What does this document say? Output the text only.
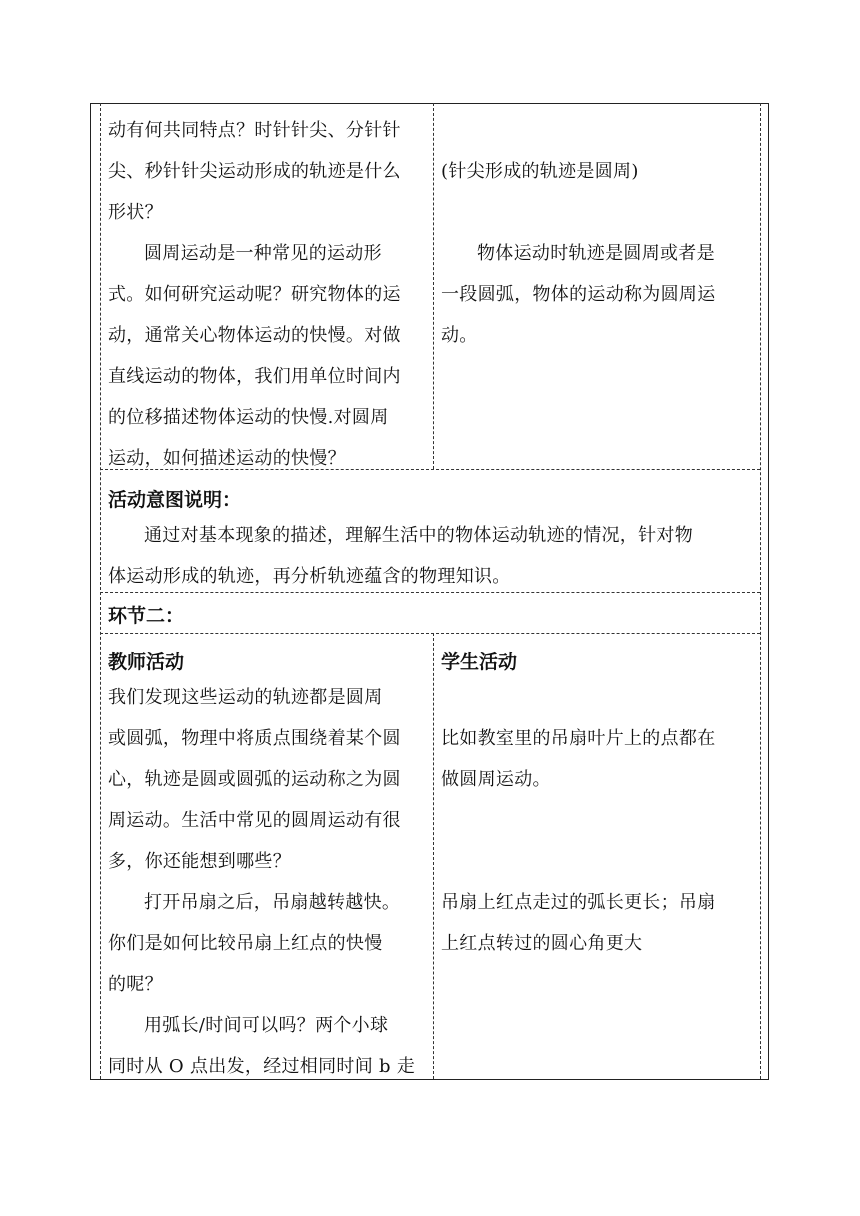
动有何共同特点？时针针尖、分针针

尖、秒针针尖运动形成的轨迹是什么

形状？

圆周运动是一种常见的运动形

式。如何研究运动呢？研究物体的运

动，通常关心物体运动的快慢。对做

直线运动的物体，我们用单位时间内

的位移描述物体运动的快慢.对圆周

运动，如何描述运动的快慢？

(针尖形成的轨迹是圆周)

物体运动时轨迹是圆周或者是

一段圆弧，物体的运动称为圆周运

动。

活动意图说明：

通过对基本现象的描述，理解生活中的物体运动轨迹的情况，针对物

体运动形成的轨迹，再分析轨迹蕴含的物理知识。

环节二：
教师活动	学生活动

我们发现这些运动的轨迹都是圆周

或圆弧，物理中将质点围绕着某个圆

心，轨迹是圆或圆弧的运动称之为圆

周运动。生活中常见的圆周运动有很

多，你还能想到哪些？

打开吊扇之后，吊扇越转越快。

你们是如何比较吊扇上红点的快慢

的呢？

用弧长/时间可以吗？两个小球

同时从 O 点出发，经过相同时间 b 走

比如教室里的吊扇叶片上的点都在

做圆周运动。

吊扇上红点走过的弧长更长；吊扇

上红点转过的圆心角更大
